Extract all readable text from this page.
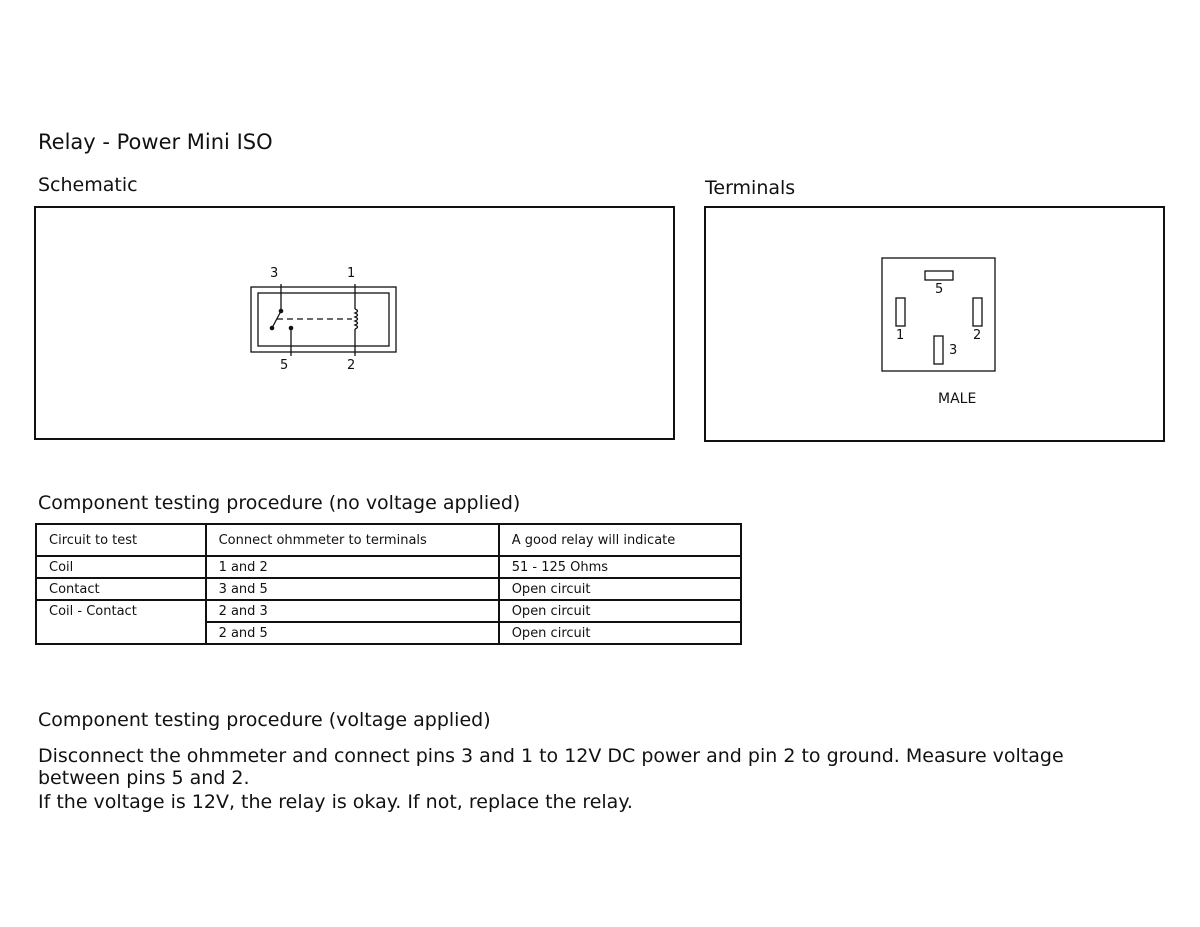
Relay - Power Mini ISO
Schematic
3	1
5	2
Terminals
5
1	2
3
MALE
Component testing procedure (no voltage applied)
Circuit to test	Connect ohmmeter to terminals	A good relay will indicate
Coil	1 and 2	51 - 125 Ohms
Contact	3 and 5	Open circuit
Coil - Contact	2 and 3	Open circuit
	2 and 5	Open circuit
Component testing procedure (voltage applied)
Disconnect the ohmmeter and connect pins 3 and 1 to 12V DC power and pin 2 to ground. Measure voltage
between pins 5 and 2.
If the voltage is 12V, the relay is okay. If not, replace the relay.
